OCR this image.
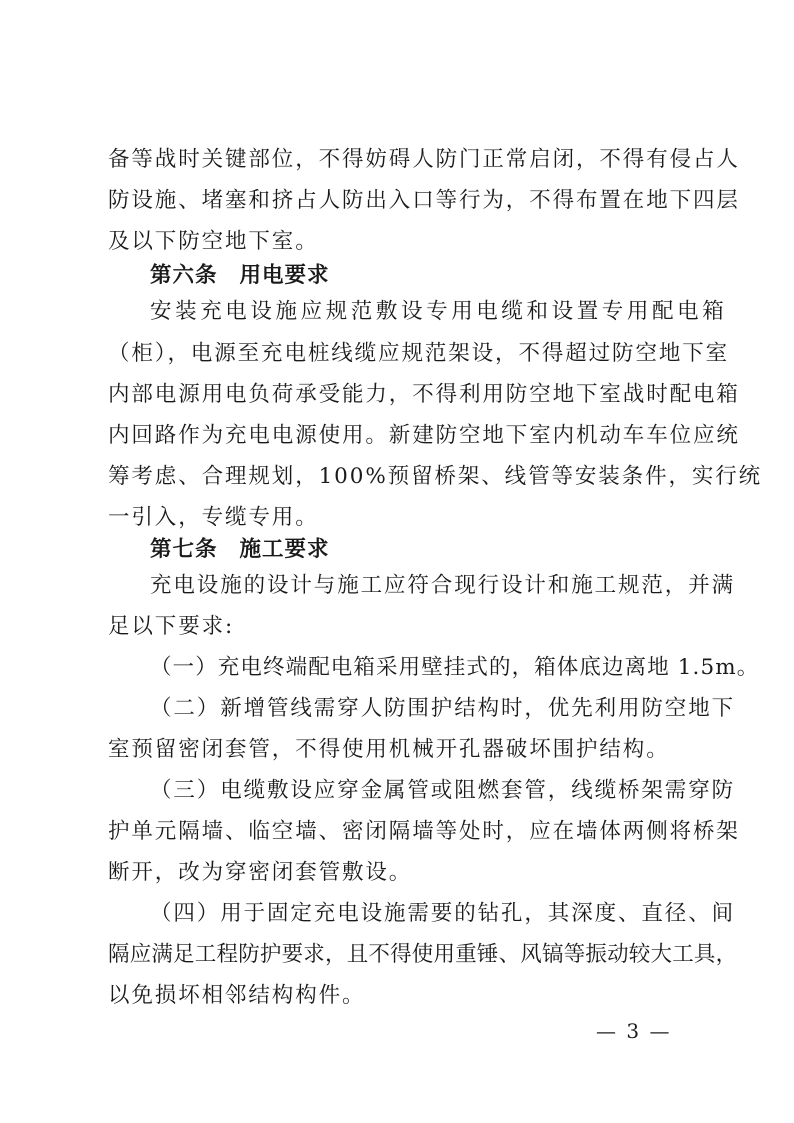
备等战时关键部位，不得妨碍人防门正常启闭，不得有侵占人
防设施、堵塞和挤占人防出入口等行为，不得布置在地下四层
及以下防空地下室。
第六条 用电要求
安装充电设施应规范敷设专用电缆和设置专用配电箱
（柜），电源至充电桩线缆应规范架设，不得超过防空地下室
内部电源用电负荷承受能力，不得利用防空地下室战时配电箱
内回路作为充电电源使用。新建防空地下室内机动车车位应统
筹考虑、合理规划，100%预留桥架、线管等安装条件，实行统
一引入，专缆专用。
第七条 施工要求
充电设施的设计与施工应符合现行设计和施工规范，并满
足以下要求:
（一）充电终端配电箱采用壁挂式的，箱体底边离地 1.5m。
（二）新增管线需穿人防围护结构时，优先利用防空地下
室预留密闭套管，不得使用机械开孔器破坏围护结构。
（三）电缆敷设应穿金属管或阻燃套管，线缆桥架需穿防
护单元隔墙、临空墙、密闭隔墙等处时，应在墙体两侧将桥架
断开，改为穿密闭套管敷设。
（四）用于固定充电设施需要的钻孔，其深度、直径、间
隔应满足工程防护要求，且不得使用重锤、风镐等振动较大工具，
以免损坏相邻结构构件。
— 3 —
